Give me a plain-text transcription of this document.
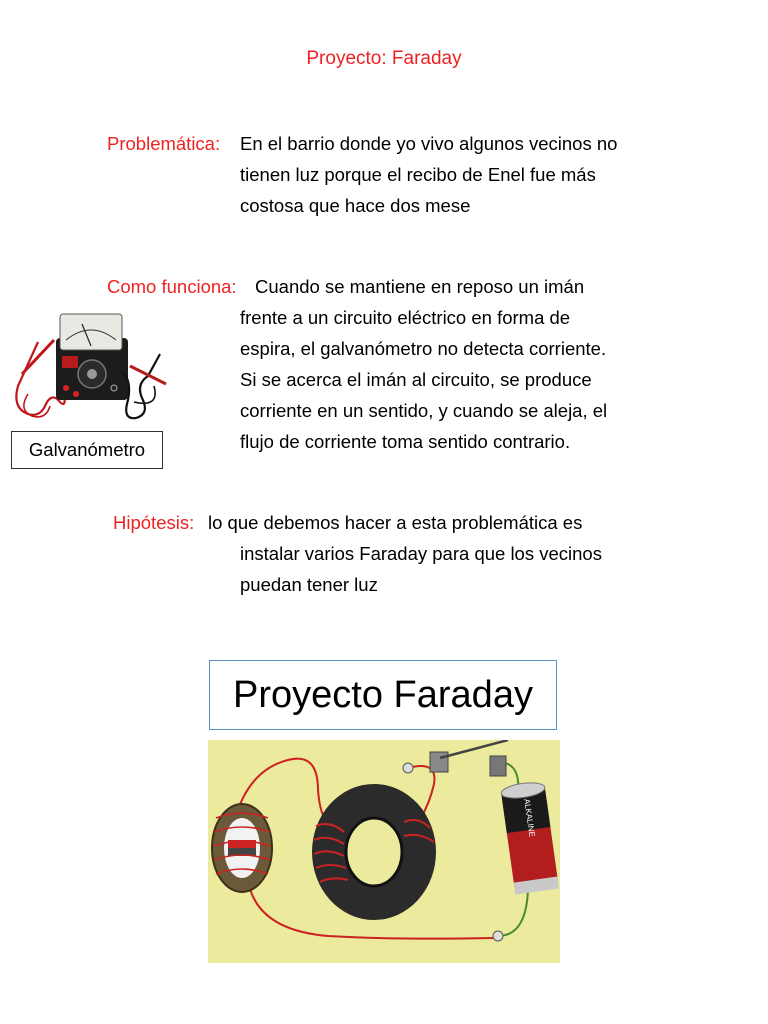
Proyecto: Faraday
Problemática: En el barrio donde yo vivo algunos vecinos no
tienen luz porque el recibo de Enel fue más
costosa que hace dos mese
Como funciona: Cuando se mantiene en reposo un imán
frente a un circuito eléctrico en forma de
espira, el galvanómetro no detecta corriente.
Si se acerca el imán al circuito, se produce
corriente en un sentido, y cuando se aleja, el
flujo de corriente toma sentido contrario.
Galvanómetro
Hipótesis: lo que debemos hacer a esta problemática es
instalar varios Faraday para que los vecinos
puedan tener luz
Proyecto Faraday
ALKALINE
